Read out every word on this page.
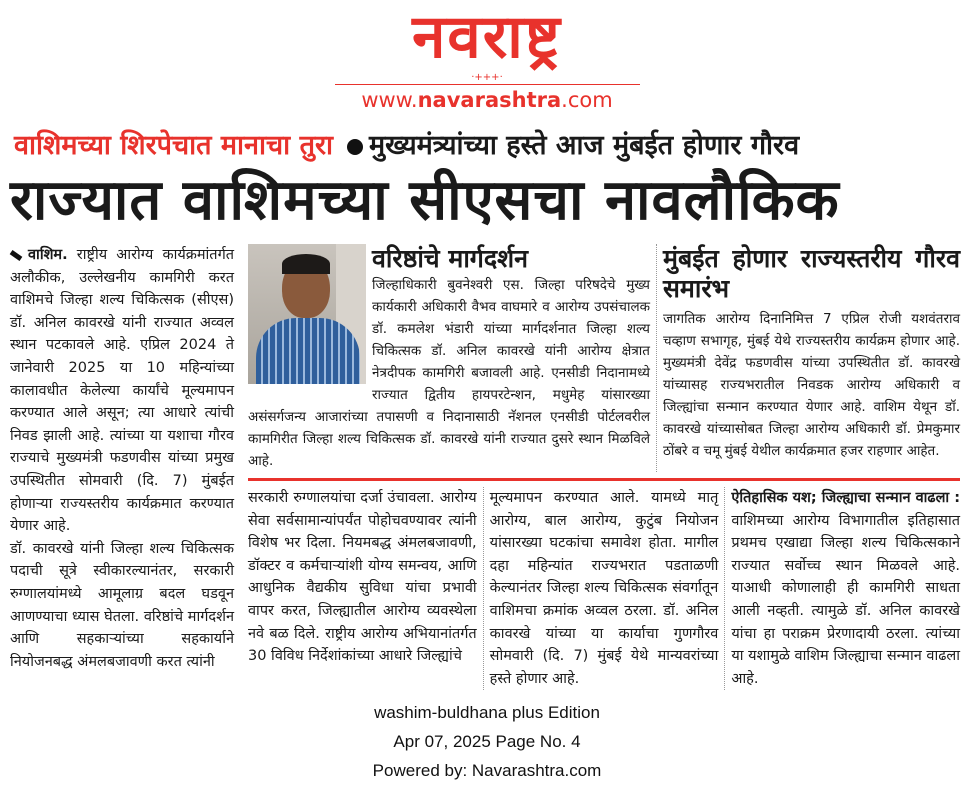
नवराष्ट्र
·+++·
www.navarashtra.com
वाशिमच्या शिरपेचात मानाचा तुरा मुख्यमंत्र्यांच्या हस्ते आज मुंबईत होणार गौरव
राज्यात वाशिमच्या सीएसचा नावलौकिक

वाशिम. राष्ट्रीय आरोग्य कार्यक्रमांतर्गत अलौकीक, उल्लेखनीय कामगिरी करत वाशिमचे जिल्हा शल्य चिकित्सक (सीएस) डॉ. अनिल कावरखे यांनी राज्यात अव्वल स्थान पटकावले आहे. एप्रिल 2024 ते जानेवारी 2025 या 10 महिन्यांच्या कालावधीत केलेल्या कार्यांचे मूल्यमापन करण्यात आले असून; त्या आधारे त्यांची निवड झाली आहे. त्यांच्या या यशाचा गौरव राज्याचे मुख्यमंत्री फडणवीस यांच्या प्रमुख उपस्थितीत सोमवारी (दि. 7) मुंबईत होणाऱ्या राज्यस्तरीय कार्यक्रमात करण्यात येणार आहे.

डॉ. कावरखे यांनी जिल्हा शल्य चिकित्सक पदाची सूत्रे स्वीकारल्यानंतर, सरकारी रुग्णालयांमध्ये आमूलाग्र बदल घडवून आणण्याचा ध्यास घेतला. वरिष्ठांचे मार्गदर्शन आणि सहकाऱ्यांच्या सहकार्याने नियोजनबद्ध अंमलबजावणी करत त्यांनी

वरिष्ठांचे मार्गदर्शन
जिल्हाधिकारी बुवनेश्वरी एस. जिल्हा परिषदेचे मुख्य कार्यकारी अधिकारी वैभव वाघमारे व आरोग्य उपसंचालक डॉ. कमलेश भंडारी यांच्या मार्गदर्शनात जिल्हा शल्य चिकित्सक डॉ. अनिल कावरखे यांनी आरोग्य क्षेत्रात नेत्रदीपक कामगिरी बजावली आहे. एनसीडी निदानामध्ये राज्यात द्वितीय हायपरटेन्शन, मधुमेह यांसारख्या असंसर्गजन्य आजारांच्या तपासणी व निदानासाठी नॅशनल एनसीडी पोर्टलवरील कामगिरीत जिल्हा शल्य चिकित्सक डॉ. कावरखे यांनी राज्यात दुसरे स्थान मिळविले आहे.
मुंबईत होणार राज्यस्तरीय गौरव समारंभ
जागतिक आरोग्य दिनानिमित्त 7 एप्रिल रोजी यशवंतराव चव्हाण सभागृह, मुंबई येथे राज्यस्तरीय कार्यक्रम होणार आहे. मुख्यमंत्री देवेंद्र फडणवीस यांच्या उपस्थितीत डॉ. कावरखे यांच्यासह राज्यभरातील निवडक आरोग्य अधिकारी व जिल्ह्यांचा सन्मान करण्यात येणार आहे. वाशिम येथून डॉ. कावरखे यांच्यासोबत जिल्हा आरोग्य अधिकारी डॉ. प्रेमकुमार ठोंबरे व चमू मुंबई येथील कार्यक्रमात हजर राहणार आहेत.

सरकारी रुग्णालयांचा दर्जा उंचावला. आरोग्य सेवा सर्वसामान्यांपर्यंत पोहोचवण्यावर त्यांनी विशेष भर दिला. नियमबद्ध अंमलबजावणी, डॉक्टर व कर्मचाऱ्यांशी योग्य समन्वय, आणि आधुनिक वैद्यकीय सुविधा यांचा प्रभावी वापर करत, जिल्ह्यातील आरोग्य व्यवस्थेला नवे बळ दिले. राष्ट्रीय आरोग्य अभियानांतर्गत 30 विविध निर्देशांकांच्या आधारे जिल्ह्यांचे

मूल्यमापन करण्यात आले. यामध्ये मातृ आरोग्य, बाल आरोग्य, कुटुंब नियोजन यांसारख्या घटकांचा समावेश होता. मागील दहा महिन्यांत राज्यभरात पडताळणी केल्यानंतर जिल्हा शल्य चिकित्सक संवर्गातून वाशिमचा क्रमांक अव्वल ठरला. डॉ. अनिल कावरखे यांच्या या कार्याचा गुणगौरव सोमवारी (दि. 7) मुंबई येथे मान्यवरांच्या हस्ते होणार आहे.

ऐतिहासिक यश; जिल्ह्याचा सन्मान वाढला : वाशिमच्या आरोग्य विभागातील इतिहासात प्रथमच एखाद्या जिल्हा शल्य चिकित्सकाने राज्यात सर्वोच्च स्थान मिळवले आहे. याआधी कोणालाही ही कामगिरी साधता आली नव्हती. त्यामुळे डॉ. अनिल कावरखे यांचा हा पराक्रम प्रेरणादायी ठरला. त्यांच्या या यशामुळे वाशिम जिल्ह्याचा सन्मान वाढला आहे.

washim-buldhana plus Edition
Apr 07, 2025 Page No. 4
Powered by: Navarashtra.com
